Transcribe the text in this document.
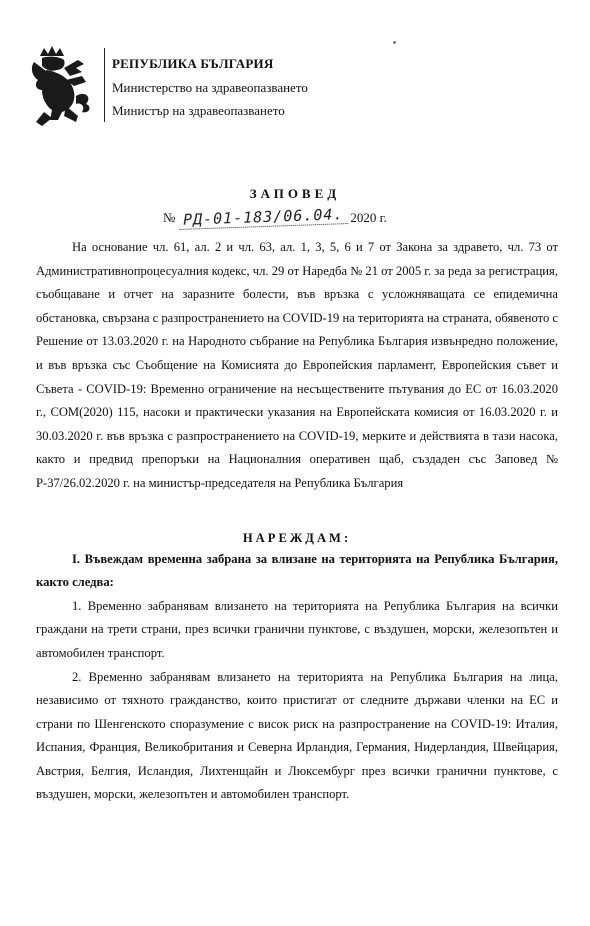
РЕПУБЛИКА БЪЛГАРИЯ
Министерство на здравеопазването
Министър на здравеопазването
ЗАПОВЕД
№ РД-01-183/06.04. 2020 г.

На основание чл. 61, ал. 2 и чл. 63, ал. 1, 3, 5, 6 и 7 от Закона за здравето, чл. 73 от Административнопроцесуалния кодекс, чл. 29 от Наредба № 21 от 2005 г. за реда за регистрация, съобщаване и отчет на заразните болести, във връзка с усложняващата се епидемична обстановка, свързана с разпространението на COVID-19 на територията на страната, обявеното с Решение от 13.03.2020 г. на Народното събрание на Република България извънредно положение, и във връзка със Съобщение на Комисията до Европейския парламент, Европейския съвет и Съвета - COVID-19: Временно ограничение на несъществените пътувания до ЕС от 16.03.2020 г., COM(2020) 115, насоки и практически указания на Европейската комисия от 16.03.2020 г. и 30.03.2020 г. във връзка с разпространението на COVID-19, мерките и действията в тази насока, както и предвид препоръки на Националния оперативен щаб, създаден със Заповед № Р-37/26.02.2020 г. на министър-председателя на Република България

НАРЕЖДАМ:

I. Въвеждам временна забрана за влизане на територията на Република България, както следва:

1. Временно забранявам влизането на територията на Република България на всички граждани на трети страни, през всички гранични пунктове, с въздушен, морски, железопътен и автомобилен транспорт.

2. Временно забранявам влизането на територията на Република България на лица, независимо от тяхното гражданство, които пристигат от следните държави членки на ЕС и страни по Шенгенското споразумение с висок риск на разпространение на COVID-19: Италия, Испания, Франция, Великобритания и Северна Ирландия, Германия, Нидерландия, Швейцария, Австрия, Белгия, Исландия, Лихтенщайн и Люксембург през всички гранични пунктове, с въздушен, морски, железопътен и автомобилен транспорт.
